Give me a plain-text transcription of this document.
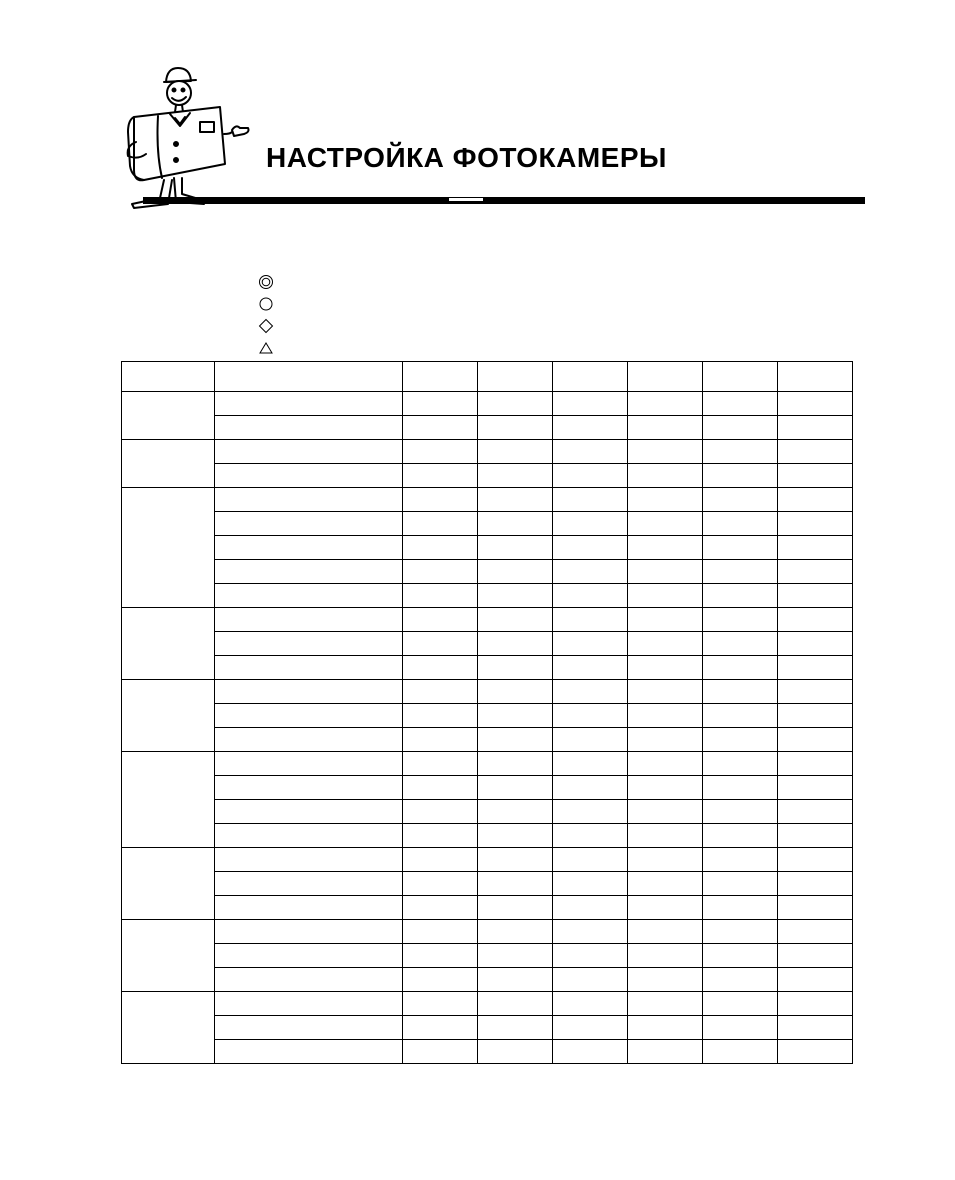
НАСТРОЙКА ФОТОКАМЕРЫ
